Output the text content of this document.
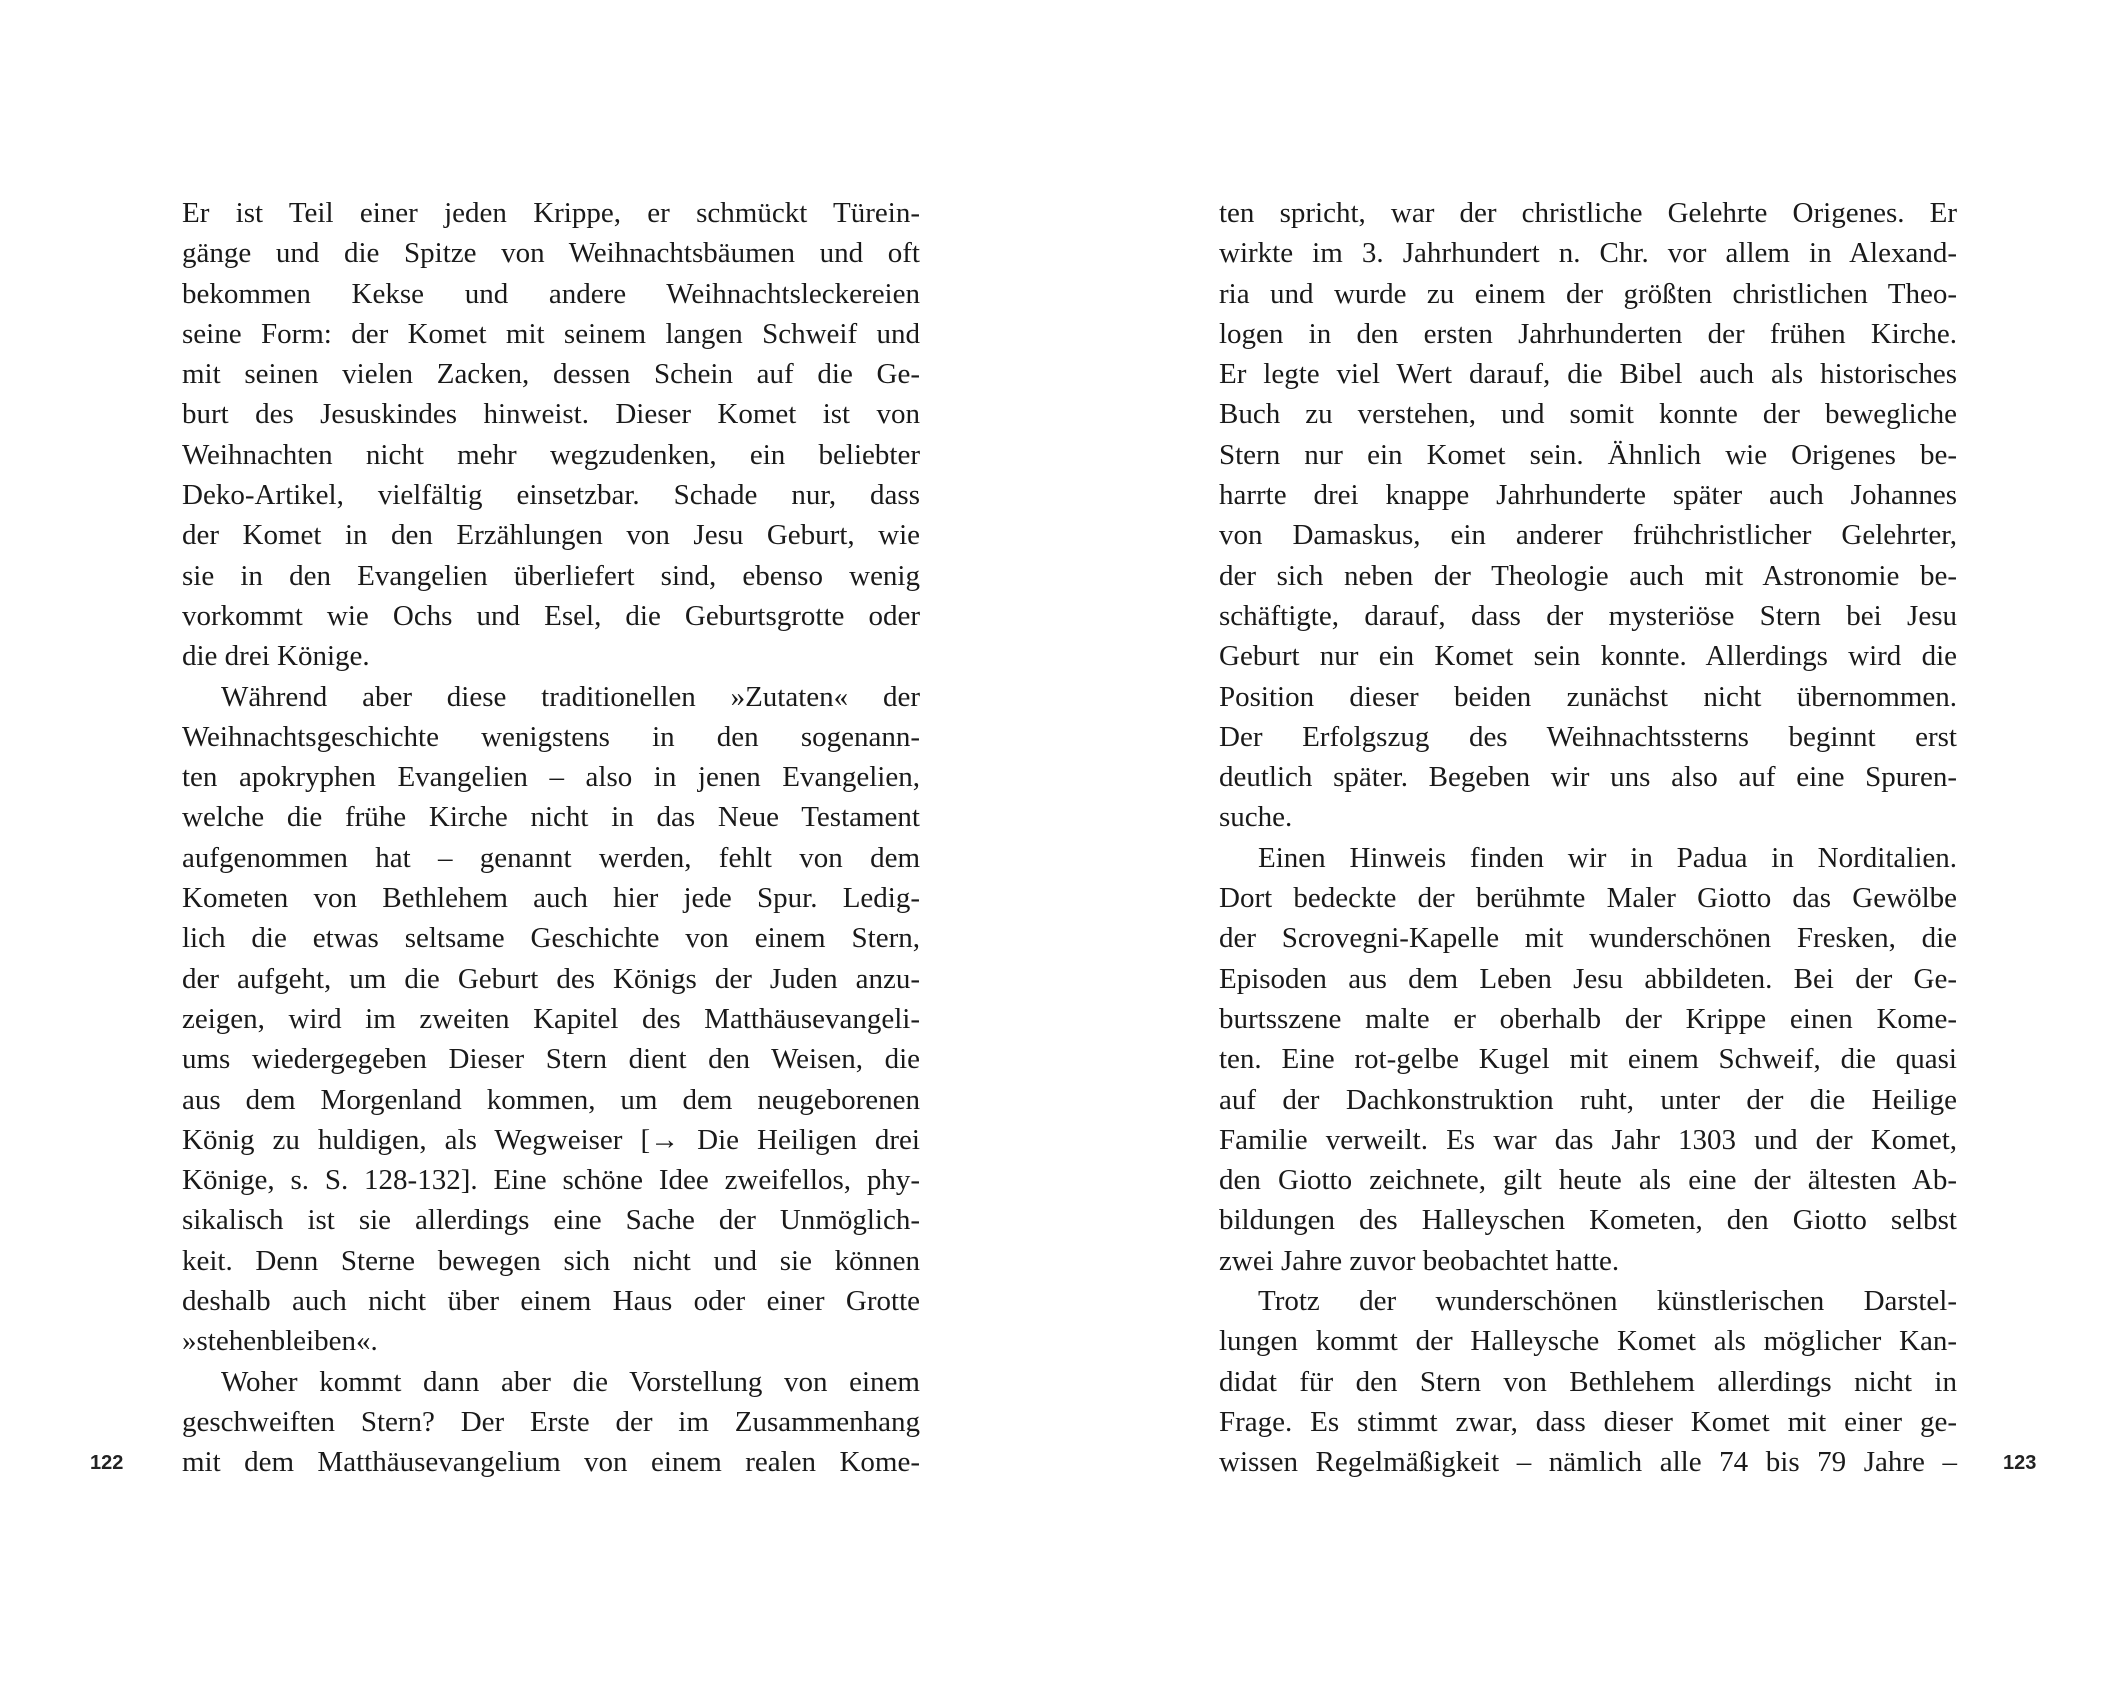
Er ist Teil einer jeden Krippe, er schmückt Türein-
gänge und die Spitze von Weihnachtsbäumen und oft
bekommen Kekse und andere Weihnachtsleckereien
seine Form: der Komet mit seinem langen Schweif und
mit seinen vielen Zacken, dessen Schein auf die Ge-
burt des Jesuskindes hinweist. Dieser Komet ist von
Weihnachten nicht mehr wegzudenken, ein beliebter
Deko-Artikel, vielfältig einsetzbar. Schade nur, dass
der Komet in den Erzählungen von Jesu Geburt, wie
sie in den Evangelien überliefert sind, ebenso wenig
vorkommt wie Ochs und Esel, die Geburtsgrotte oder
die drei Könige.
Während aber diese traditionellen »Zutaten« der
Weihnachtsgeschichte wenigstens in den sogenann-
ten apokryphen Evangelien – also in jenen Evangelien,
welche die frühe Kirche nicht in das Neue Testament
aufgenommen hat – genannt werden, fehlt von dem
Kometen von Bethlehem auch hier jede Spur. Ledig-
lich die etwas seltsame Geschichte von einem Stern,
der aufgeht, um die Geburt des Königs der Juden anzu-
zeigen, wird im zweiten Kapitel des Matthäusevangeli-
ums wiedergegeben Dieser Stern dient den Weisen, die
aus dem Morgenland kommen, um dem neugeborenen
König zu huldigen, als Wegweiser [→ Die Heiligen drei
Könige, s. S. 128-132]. Eine schöne Idee zweifellos, phy-
sikalisch ist sie allerdings eine Sache der Unmöglich-
keit. Denn Sterne bewegen sich nicht und sie können
deshalb auch nicht über einem Haus oder einer Grotte
»stehenbleiben«.
Woher kommt dann aber die Vorstellung von einem
geschweiften Stern? Der Erste der im Zusammenhang
mit dem Matthäusevangelium von einem realen Kome-
122
ten spricht, war der christliche Gelehrte Origenes. Er
wirkte im 3. Jahrhundert n. Chr. vor allem in Alexand-
ria und wurde zu einem der größten christlichen Theo-
logen in den ersten Jahrhunderten der frühen Kirche.
Er legte viel Wert darauf, die Bibel auch als historisches
Buch zu verstehen, und somit konnte der bewegliche
Stern nur ein Komet sein. Ähnlich wie Origenes be-
harrte drei knappe Jahrhunderte später auch Johannes
von Damaskus, ein anderer frühchristlicher Gelehrter,
der sich neben der Theologie auch mit Astronomie be-
schäftigte, darauf, dass der mysteriöse Stern bei Jesu
Geburt nur ein Komet sein konnte. Allerdings wird die
Position dieser beiden zunächst nicht übernommen.
Der Erfolgszug des Weihnachtssterns beginnt erst
deutlich später. Begeben wir uns also auf eine Spuren-
suche.
Einen Hinweis finden wir in Padua in Norditalien.
Dort bedeckte der berühmte Maler Giotto das Gewölbe
der Scrovegni-Kapelle mit wunderschönen Fresken, die
Episoden aus dem Leben Jesu abbildeten. Bei der Ge-
burtsszene malte er oberhalb der Krippe einen Kome-
ten. Eine rot-gelbe Kugel mit einem Schweif, die quasi
auf der Dachkonstruktion ruht, unter der die Heilige
Familie verweilt. Es war das Jahr 1303 und der Komet,
den Giotto zeichnete, gilt heute als eine der ältesten Ab-
bildungen des Halleyschen Kometen, den Giotto selbst
zwei Jahre zuvor beobachtet hatte.
Trotz der wunderschönen künstlerischen Darstel-
lungen kommt der Halleysche Komet als möglicher Kan-
didat für den Stern von Bethlehem allerdings nicht in
Frage. Es stimmt zwar, dass dieser Komet mit einer ge-
wissen Regelmäßigkeit – nämlich alle 74 bis 79 Jahre – 123
